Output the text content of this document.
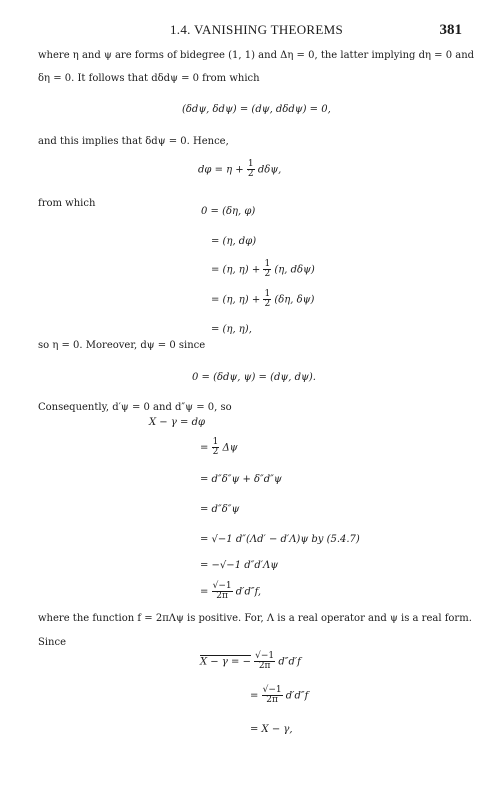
1.4. VANISHING THEOREMS	381
where η and ψ are forms of bidegree (1, 1) and Δη = 0, the latter implying dη = 0 and
δη = 0. It follows that dδdψ = 0 from which
(δdψ, δdψ) = (dψ, dδdψ) = 0,
and this implies that δdψ = 0. Hence,
$d\varphi = \eta + \frac{1}{2} d\delta\psi$,
from which
0 = (δη, φ)
= (η, dφ)
= (η, $\eta) + \frac{1}{2} (\eta$, dδψ)
= (η, $\eta) + \frac{1}{2} (\delta\eta$, δψ)
= (η, η),
so η = 0. Moreover, dψ = 0 since
0 = (δdψ, ψ) = (dψ, dψ).
Consequently, d′ψ = 0 and d″ψ = 0, so
X − γ = dφ
= $\frac{1}{2}$ Δψ
= d″δ″ψ + δ″d″ψ
= d″δ″ψ
= √−1 d″(Λd′ − d′Λ)ψ by (5.4.7)
= −√−1 d″d′Λψ
= $\frac{√-1}{2\pi} d'd''f$,
where the function f = 2πΛψ is positive. For, Λ is a real operator and ψ is a real form.
Since
X − γ = − $\frac{√-1}{2\pi} d''d'f$
= $\frac{√-1}{2\pi} d'd''f$
= X − γ,
